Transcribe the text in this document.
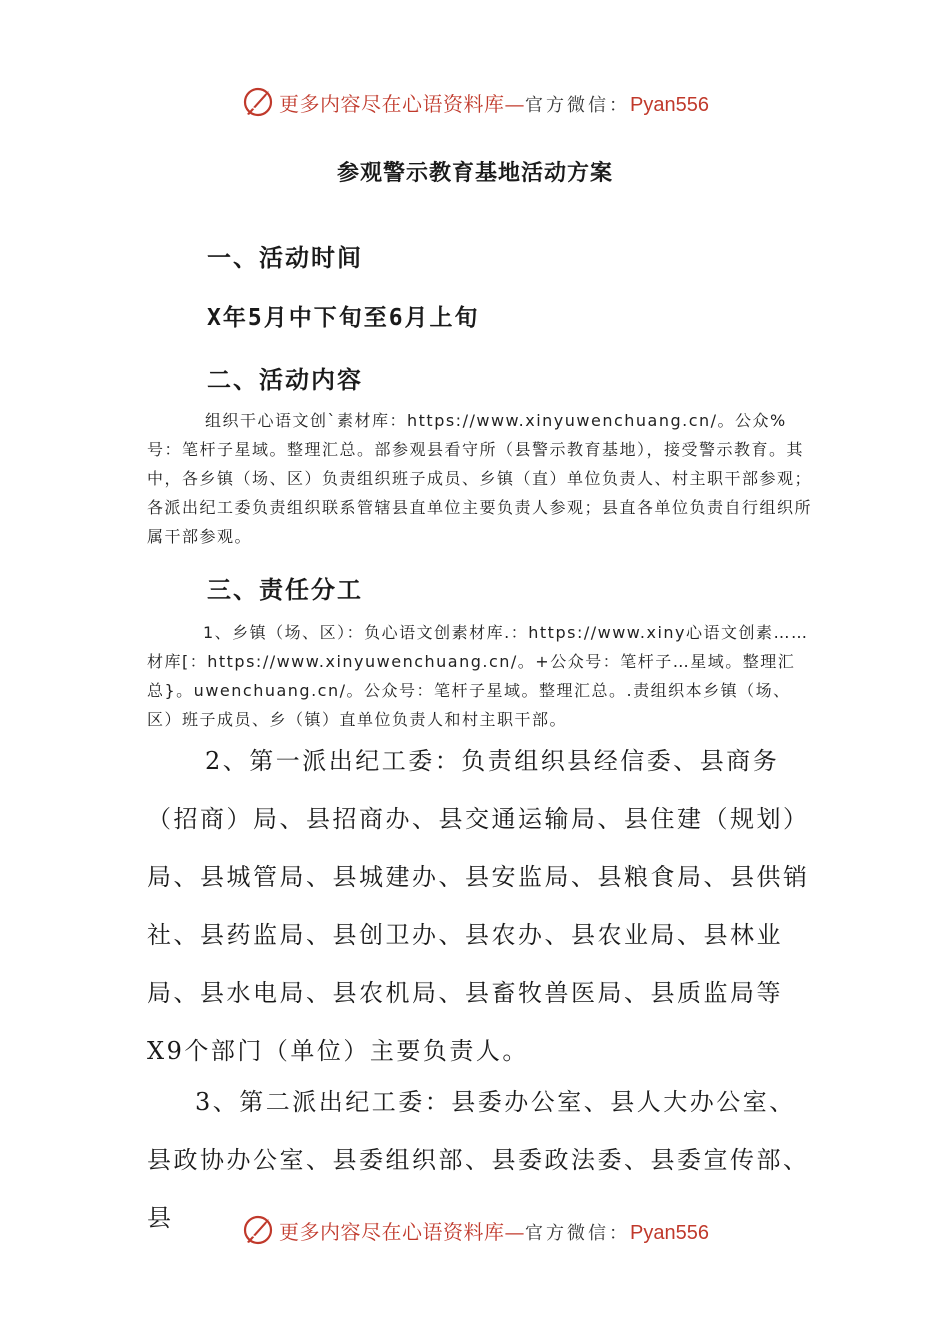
更多内容尽在心语资料库—官方微信：Pyan556
参观警示教育基地活动方案
一、活动时间
X年5月中下旬至6月上旬
二、活动内容

组织干心语文创`素材库：https://www.xinyuwenchuang.cn/。公众%号：笔杆子星域。整理汇总。部参观县看守所（县警示教育基地），接受警示教育。其中，各乡镇（场、区）负责组织班子成员、乡镇（直）单位负责人、村主职干部参观；各派出纪工委负责组织联系管辖县直单位主要负责人参观；县直各单位负责自行组织所属干部参观。

三、责任分工

1、乡镇（场、区）：负心语文创素材库.：https://www.xiny心语文创素……材库[：https://www.xinyuwenchuang.cn/。+公众号：笔杆子…星域。整理汇总}。uwenchuang.cn/。公众号：笔杆子星域。整理汇总。.责组织本乡镇（场、区）班子成员、乡（镇）直单位负责人和村主职干部。

2、第一派出纪工委：负责组织县经信委、县商务（招商）局、县招商办、县交通运输局、县住建（规划）局、县城管局、县城建办、县安监局、县粮食局、县供销社、县药监局、县创卫办、县农办、县农业局、县林业局、县水电局、县农机局、县畜牧兽医局、县质监局等X9个部门（单位）主要负责人。

3、第二派出纪工委：县委办公室、县人大办公室、县政协办公室、县委组织部、县委政法委、县委宣传部、县	更多内容尽在心语资料库—官方微信：Pyan556
